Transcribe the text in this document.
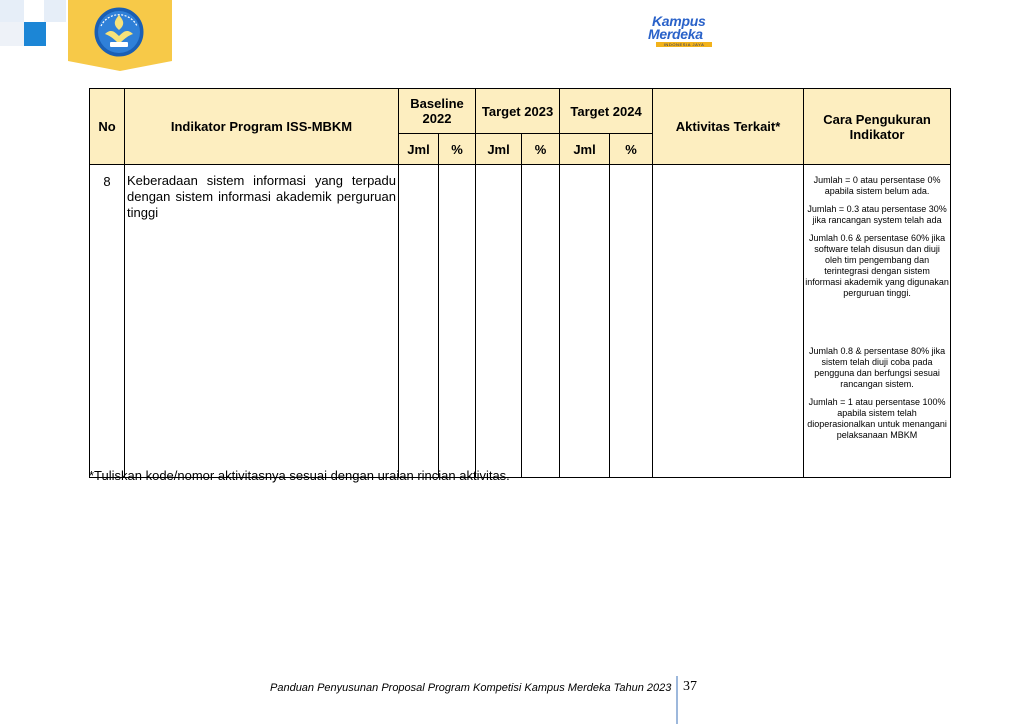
Kampus
Merdeka
INDONESIA JAYA
No	Indikator Program ISS-MBKM	Baseline 2022		Target 2023		Target 2024		Aktivitas Terkait*	Cara Pengukuran Indikator
		Jml	%	Jml	%	Jml	%		
8	Keberadaan sistem informasi yang terpadu dengan sistem informasi akademik perguruan tinggi								Jumlah = 0 atau persentase 0% apabila sistem belum ada.

Jumlah = 0.3 atau persentase 30% jika rancangan system telah ada

Jumlah 0.6 & persentase 60% jika software telah disusun dan diuji oleh tim pengembang dan terintegrasi dengan sistem informasi akademik yang digunakan perguruan tinggi.

Jumlah 0.8 & persentase 80% jika sistem telah diuji coba pada pengguna dan berfungsi sesuai rancangan sistem.

Jumlah = 1 atau persentase 100% apabila sistem telah dioperasionalkan untuk menangani pelaksanaan MBKM

*Tuliskan kode/nomor aktivitasnya sesuai dengan uraian rincian aktivitas.
Panduan Penyusunan Proposal Program Kompetisi Kampus Merdeka Tahun 2023 37
